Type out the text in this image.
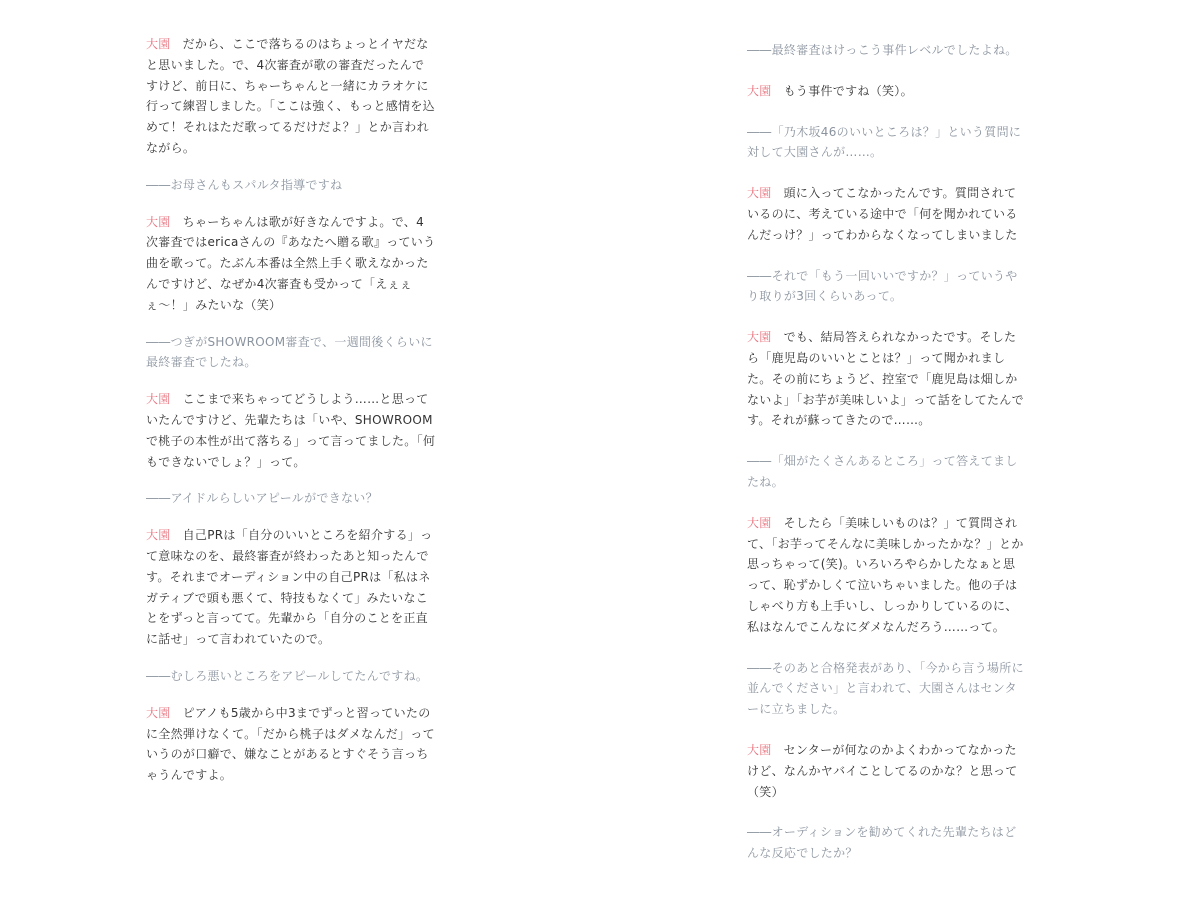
大園 だから、ここで落ちるのはちょっとイヤだなと思いました。で、4次審査が歌の審査だったんですけど、前日に、ちゃーちゃんと一緒にカラオケに行って練習しました。「ここは強く、もっと感情を込めて！それはただ歌ってるだけだよ？」とか言われながら。
――お母さんもスパルタ指導ですね
大園 ちゃーちゃんは歌が好きなんですよ。で、4次審査ではericaさんの『あなたへ贈る歌』っていう曲を歌って。たぶん本番は全然上手く歌えなかったんですけど、なぜか4次審査も受かって「えぇぇぇ〜！」みたいな（笑）
――つぎがSHOWROOM審査で、一週間後くらいに最終審査でしたね。
大園 ここまで来ちゃってどうしよう……と思っていたんですけど、先輩たちは「いや、SHOWROOMで桃子の本性が出て落ちる」って言ってました。「何もできないでしょ？」って。
――アイドルらしいアピールができない？
大園 自己PRは「自分のいいところを紹介する」って意味なのを、最終審査が終わったあと知ったんです。それまでオーディション中の自己PRは「私はネガティブで頭も悪くて、特技もなくて」みたいなことをずっと言ってて。先輩から「自分のことを正直に話せ」って言われていたので。
――むしろ悪いところをアピールしてたんですね。
大園 ピアノも5歳から中3までずっと習っていたのに全然弾けなくて。「だから桃子はダメなんだ」っていうのが口癖で、嫌なことがあるとすぐそう言っちゃうんですよ。
――最終審査はけっこう事件レベルでしたよね。
大園 もう事件ですね（笑）。
――「乃木坂46のいいところは？」という質問に対して大園さんが……。
大園 頭に入ってこなかったんです。質問されているのに、考えている途中で「何を聞かれているんだっけ？」ってわからなくなってしまいました
――それで「もう一回いいですか？」っていうやり取りが3回くらいあって。
大園 でも、結局答えられなかったです。そしたら「鹿児島のいいとことは？」って聞かれました。その前にちょうど、控室で「鹿児島は畑しかないよ」「お芋が美味しいよ」って話をしてたんです。それが蘇ってきたので……。
――「畑がたくさんあるところ」って答えてましたね。
大園 そしたら「美味しいものは？」て質問されて、「お芋ってそんなに美味しかったかな？」とか思っちゃって(笑)。いろいろやらかしたなぁと思って、恥ずかしくて泣いちゃいました。他の子はしゃべり方も上手いし、しっかりしているのに、私はなんでこんなにダメなんだろう……って。
――そのあと合格発表があり、「今から言う場所に並んでください」と言われて、大園さんはセンターに立ちました。
大園 センターが何なのかよくわかってなかったけど、なんかヤバイことしてるのかな？と思って（笑）
――オーディションを勧めてくれた先輩たちはどんな反応でしたか？
